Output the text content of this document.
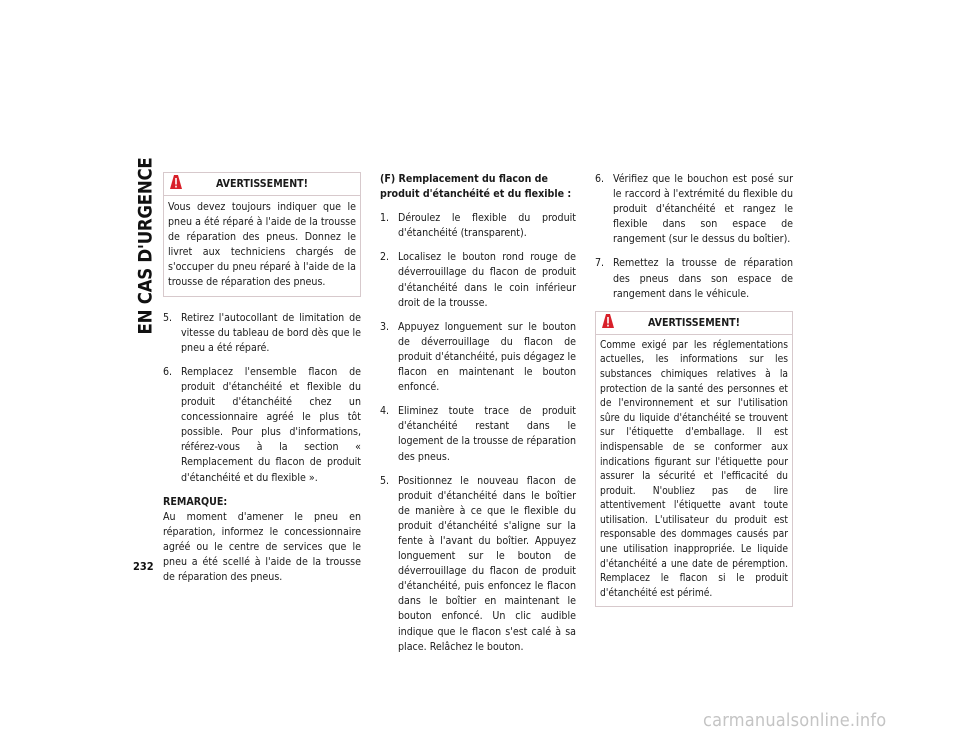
EN CAS D'URGENCE
232
AVERTISSEMENT!
Vous devez toujours indiquer que le pneu a été réparé à l'aide de la trousse de réparation des pneus. Donnez le livret aux techniciens chargés de s'occuper du pneu réparé à l'aide de la trousse de réparation des pneus.
5. Retirez l'autocollant de limitation de vitesse du tableau de bord dès que le pneu a été réparé.
6. Remplacez l'ensemble flacon de produit d'étanchéité et flexible du produit d'étanchéité chez un concessionnaire agréé le plus tôt possible. Pour plus d'informations, référez-vous à la section « Remplacement du flacon de produit d'étanchéité et du flexible ».
REMARQUE:
Au moment d'amener le pneu en réparation, informez le concessionnaire agréé ou le centre de services que le pneu a été scellé à l'aide de la trousse de réparation des pneus.
(F) Remplacement du flacon de produit d'étanchéité et du flexible :
1. Déroulez le flexible du produit d'étanchéité (transparent).
2. Localisez le bouton rond rouge de déverrouillage du flacon de produit d'étanchéité dans le coin inférieur droit de la trousse.
3. Appuyez longuement sur le bouton de déverrouillage du flacon de produit d'étanchéité, puis dégagez le flacon en maintenant le bouton enfoncé.
4. Eliminez toute trace de produit d'étanchéité restant dans le logement de la trousse de réparation des pneus.
5. Positionnez le nouveau flacon de produit d'étanchéité dans le boîtier de manière à ce que le flexible du produit d'étanchéité s'aligne sur la fente à l'avant du boîtier. Appuyez longuement sur le bouton de déverrouillage du flacon de produit d'étanchéité, puis enfoncez le flacon dans le boîtier en maintenant le bouton enfoncé. Un clic audible indique que le flacon s'est calé à sa place. Relâchez le bouton.
6. Vérifiez que le bouchon est posé sur le raccord à l'extrémité du flexible du produit d'étanchéité et rangez le flexible dans son espace de rangement (sur le dessus du boîtier).
7. Remettez la trousse de réparation des pneus dans son espace de rangement dans le véhicule.
AVERTISSEMENT!
Comme exigé par les réglementations actuelles, les informations sur les substances chimiques relatives à la protection de la santé des personnes et de l'environnement et sur l'utilisation sûre du liquide d'étanchéité se trouvent sur l'étiquette d'emballage. Il est indispensable de se conformer aux indications figurant sur l'étiquette pour assurer la sécurité et l'efficacité du produit. N'oubliez pas de lire attentivement l'étiquette avant toute utilisation. L'utilisateur du produit est responsable des dommages causés par une utilisation inappropriée. Le liquide d'étanchéité a une date de péremption. Remplacez le flacon si le produit d'étanchéité est périmé.
carmanualsonline.info
